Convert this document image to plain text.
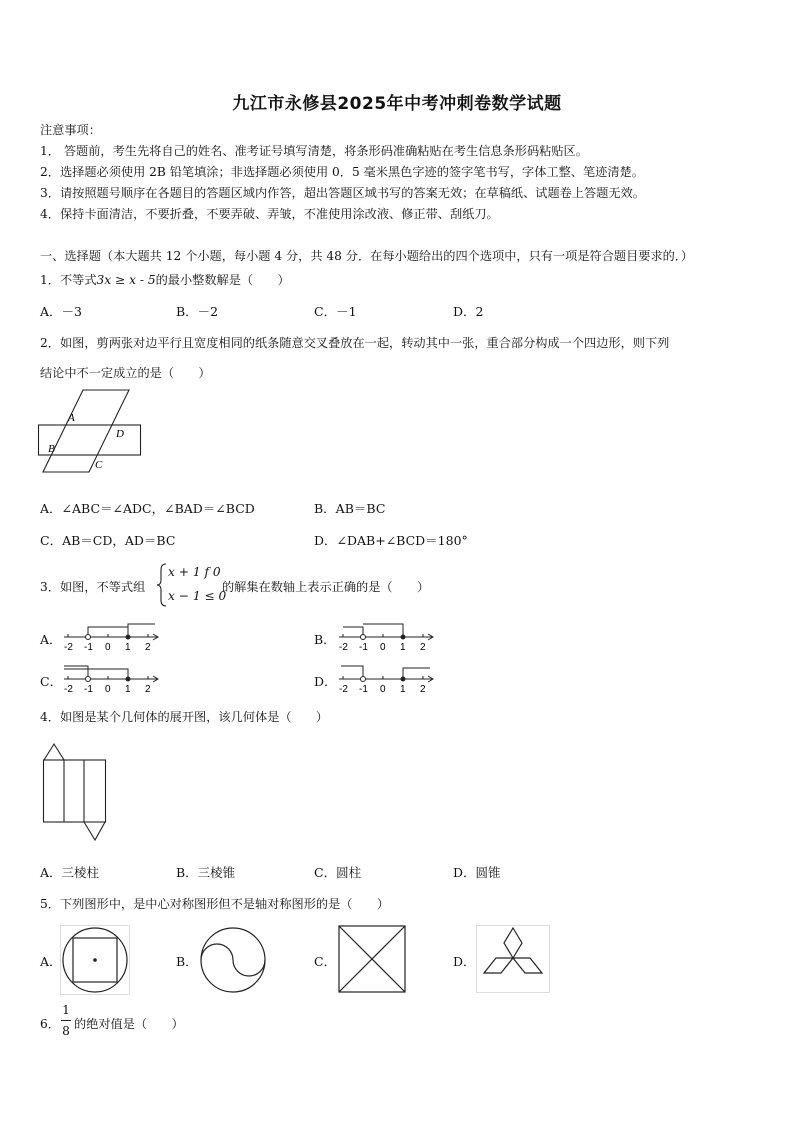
九江市永修县2025年中考冲刺卷数学试题
注意事项：
1． 答题前，考生先将自己的姓名、准考证号填写清楚，将条形码准确粘贴在考生信息条形码粘贴区。
2．选择题必须使用 2B 铅笔填涂；非选择题必须使用 0．5 毫米黑色字迹的签字笔书写，字体工整、笔迹清楚。
3．请按照题号顺序在各题目的答题区域内作答，超出答题区域书写的答案无效；在草稿纸、试题卷上答题无效。
4．保持卡面清洁，不要折叠，不要弄破、弄皱，不准使用涂改液、修正带、刮纸刀。
一、选择题（本大题共 12 个小题，每小题 4 分，共 48 分．在每小题给出的四个选项中，只有一项是符合题目要求的．）
1．不等式3x ≥ x - 5的最小整数解是（　　）
A．－3	B．－2	C．－1	D．2
2．如图，剪两张对边平行且宽度相同的纸条随意交叉叠放在一起，转动其中一张，重合部分构成一个四边形，则下列
结论中不一定成立的是（　　）
A
B
C
D
A．∠ABC＝∠ADC，∠BAD＝∠BCD	B．AB＝BC
C．AB＝CD，AD＝BC	D．∠DAB+∠BCD＝180°
3．如图，不等式组
x + 1 f 0
x − 1 ≤ 0
的解集在数轴上表示正确的是（　　）
A．	B．
C．	D．
-2 -1 0 1 2	-2 -1 0 1 2
-2 -1 0 1 2	-2 -1 0 1 2
4．如图是某个几何体的展开图，该几何体是（　　）
A．三棱柱	B．三棱锥	C．圆柱	D．圆锥
5．下列图形中，是中心对称图形但不是轴对称图形的是（　　）
A．	B．	C．	D．
6．
1
8 的绝对值是（　　）
